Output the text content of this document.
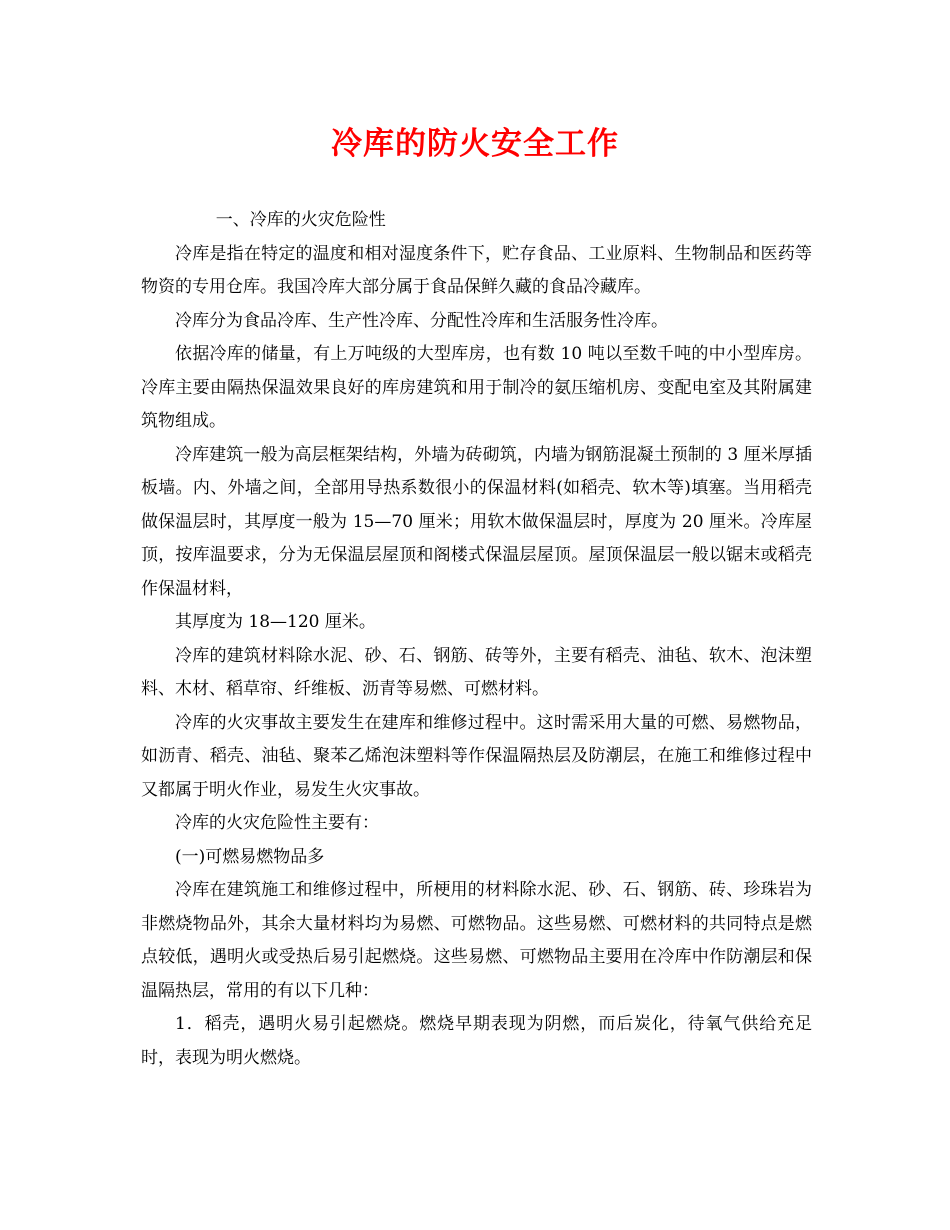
冷库的防火安全工作

一、冷库的火灾危险性

冷库是指在特定的温度和相对湿度条件下，贮存食品、工业原料、生物制品和医药等物资的专用仓库。我国冷库大部分属于食品保鲜久藏的食品冷藏库。

冷库分为食品冷库、生产性冷库、分配性冷库和生活服务性冷库。

依据冷库的储量，有上万吨级的大型库房，也有数 10 吨以至数千吨的中小型库房。冷库主要由隔热保温效果良好的库房建筑和用于制冷的氨压缩机房、变配电室及其附属建筑物组成。

冷库建筑一般为高层框架结构，外墙为砖砌筑，内墙为钢筋混凝土预制的 3 厘米厚插板墙。内、外墙之间，全部用导热系数很小的保温材料(如稻壳、软木等)填塞。当用稻壳做保温层时，其厚度一般为 15—70 厘米；用软木做保温层时，厚度为 20 厘米。冷库屋顶，按库温要求，分为无保温层屋顶和阁楼式保温层屋顶。屋顶保温层一般以锯末或稻壳作保温材料，

其厚度为 18—120 厘米。

冷库的建筑材料除水泥、砂、石、钢筋、砖等外，主要有稻壳、油毡、软木、泡沫塑料、木材、稻草帘、纤维板、沥青等易燃、可燃材料。

冷库的火灾事故主要发生在建库和维修过程中。这时需采用大量的可燃、易燃物品，如沥青、稻壳、油毡、聚苯乙烯泡沫塑料等作保温隔热层及防潮层，在施工和维修过程中又都属于明火作业，易发生火灾事故。

冷库的火灾危险性主要有：

(一)可燃易燃物品多

冷库在建筑施工和维修过程中，所梗用的材料除水泥、砂、石、钢筋、砖、珍珠岩为非燃烧物品外，其余大量材料均为易燃、可燃物品。这些易燃、可燃材料的共同特点是燃点较低，遇明火或受热后易引起燃烧。这些易燃、可燃物品主要用在冷库中作防潮层和保温隔热层，常用的有以下几种：

1．稻壳，遇明火易引起燃烧。燃烧早期表现为阴燃，而后炭化，待氧气供给充足时，表现为明火燃烧。
